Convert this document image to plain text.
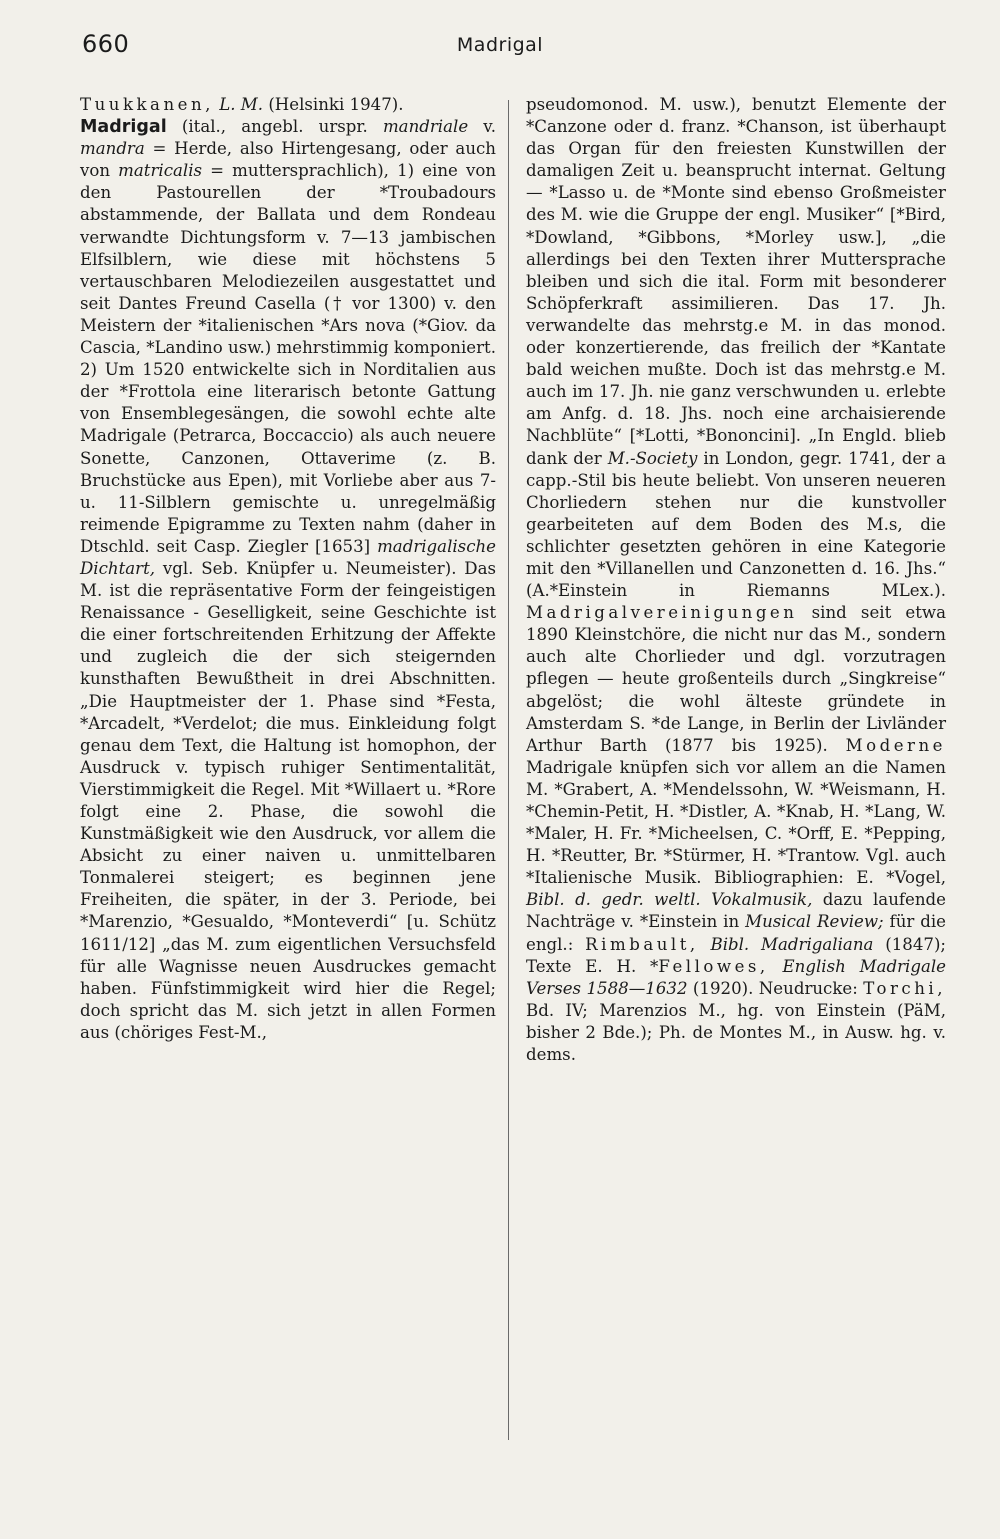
660	Madrigal

Tuukkanen, L. M. (Helsinki 1947).

Madrigal (ital., angebl. urspr. mandriale v. mandra = Herde, also Hirtengesang, oder auch von matricalis = muttersprachlich), 1) eine von den Pastourellen der *Troubadours abstammende, der Ballata und dem Rondeau verwandte Dichtungsform v. 7—13 jambischen Elfsilblern, wie diese mit höchstens 5 vertauschbaren Melodiezeilen ausgestattet und seit Dantes Freund Casella († vor 1300) v. den Meistern der *italienischen *Ars nova (*Giov. da Cascia, *Landino usw.) mehrstimmig komponiert. 2) Um 1520 entwickelte sich in Norditalien aus der *Frottola eine literarisch betonte Gattung von Ensemblegesängen, die sowohl echte alte Madrigale (Petrarca, Boccaccio) als auch neuere Sonette, Canzonen, Ottaverime (z. B. Bruchstücke aus Epen), mit Vorliebe aber aus 7- u. 11-Silblern gemischte u. unregelmäßig reimende Epigramme zu Texten nahm (daher in Dtschld. seit Casp. Ziegler [1653] madrigalische Dichtart, vgl. Seb. Knüpfer u. Neumeister). Das M. ist die repräsentative Form der feingeistigen Renaissance - Geselligkeit, seine Geschichte ist die einer fortschreitenden Erhitzung der Affekte und zugleich die der sich steigernden kunsthaften Bewußtheit in drei Abschnitten. „Die Hauptmeister der 1. Phase sind *Festa, *Arcadelt, *Verdelot; die mus. Einkleidung folgt genau dem Text, die Haltung ist homophon, der Ausdruck v. typisch ruhiger Sentimentalität, Vierstimmigkeit die Regel. Mit *Willaert u. *Rore folgt eine 2. Phase, die sowohl die Kunstmäßigkeit wie den Ausdruck, vor allem die Absicht zu einer naiven u. unmittelbaren Tonmalerei steigert; es beginnen jene Freiheiten, die später, in der 3. Periode, bei *Marenzio, *Gesualdo, *Monteverdi“ [u. Schütz 1611/12] „das M. zum eigentlichen Versuchsfeld für alle Wagnisse neuen Ausdruckes gemacht haben. Fünfstimmigkeit wird hier die Regel; doch spricht das M. sich jetzt in allen Formen aus (chöriges Fest-M.,

pseudomonod. M. usw.), benutzt Elemente der *Canzone oder d. franz. *Chanson, ist überhaupt das Organ für den freiesten Kunstwillen der damaligen Zeit u. beansprucht internat. Geltung — *Lasso u. de *Monte sind ebenso Großmeister des M. wie die Gruppe der engl. Musiker“ [*Bird, *Dowland, *Gibbons, *Morley usw.], „die allerdings bei den Texten ihrer Muttersprache bleiben und sich die ital. Form mit besonderer Schöpferkraft assimilieren. Das 17. Jh. verwandelte das mehrstg.e M. in das monod. oder konzertierende, das freilich der *Kantate bald weichen mußte. Doch ist das mehrstg.e M. auch im 17. Jh. nie ganz verschwunden u. erlebte am Anfg. d. 18. Jhs. noch eine archaisierende Nachblüte“ [*Lotti, *Bononcini]. „In Engld. blieb dank der M.-Society in London, gegr. 1741, der a capp.-Stil bis heute beliebt. Von unseren neueren Chorliedern stehen nur die kunstvoller gearbeiteten auf dem Boden des M.s, die schlichter gesetzten gehören in eine Kategorie mit den *Villanellen und Canzonetten d. 16. Jhs.“ (A.*Einstein in Riemanns MLex.). Madrigalvereinigungen sind seit etwa 1890 Kleinstchöre, die nicht nur das M., sondern auch alte Chorlieder und dgl. vorzutragen pflegen — heute großenteils durch „Singkreise“ abgelöst; die wohl älteste gründete in Amsterdam S. *de Lange, in Berlin der Livländer Arthur Barth (1877 bis 1925). Moderne Madrigale knüpfen sich vor allem an die Namen M. *Grabert, A. *Mendelssohn, W. *Weismann, H. *Chemin-Petit, H. *Distler, A. *Knab, H. *Lang, W. *Maler, H. Fr. *Micheelsen, C. *Orff, E. *Pepping, H. *Reutter, Br. *Stürmer, H. *Trantow. Vgl. auch *Italienische Musik. Bibliographien: E. *Vogel, Bibl. d. gedr. weltl. Vokalmusik, dazu laufende Nachträge v. *Einstein in Musical Review; für die engl.: Rimbault, Bibl. Madrigaliana (1847); Texte E. H. *Fellowes, English Madrigale Verses 1588—1632 (1920). Neudrucke: Torchi, Bd. IV; Marenzios M., hg. von Einstein (PäM, bisher 2 Bde.); Ph. de Montes M., in Ausw. hg. v. dems.
